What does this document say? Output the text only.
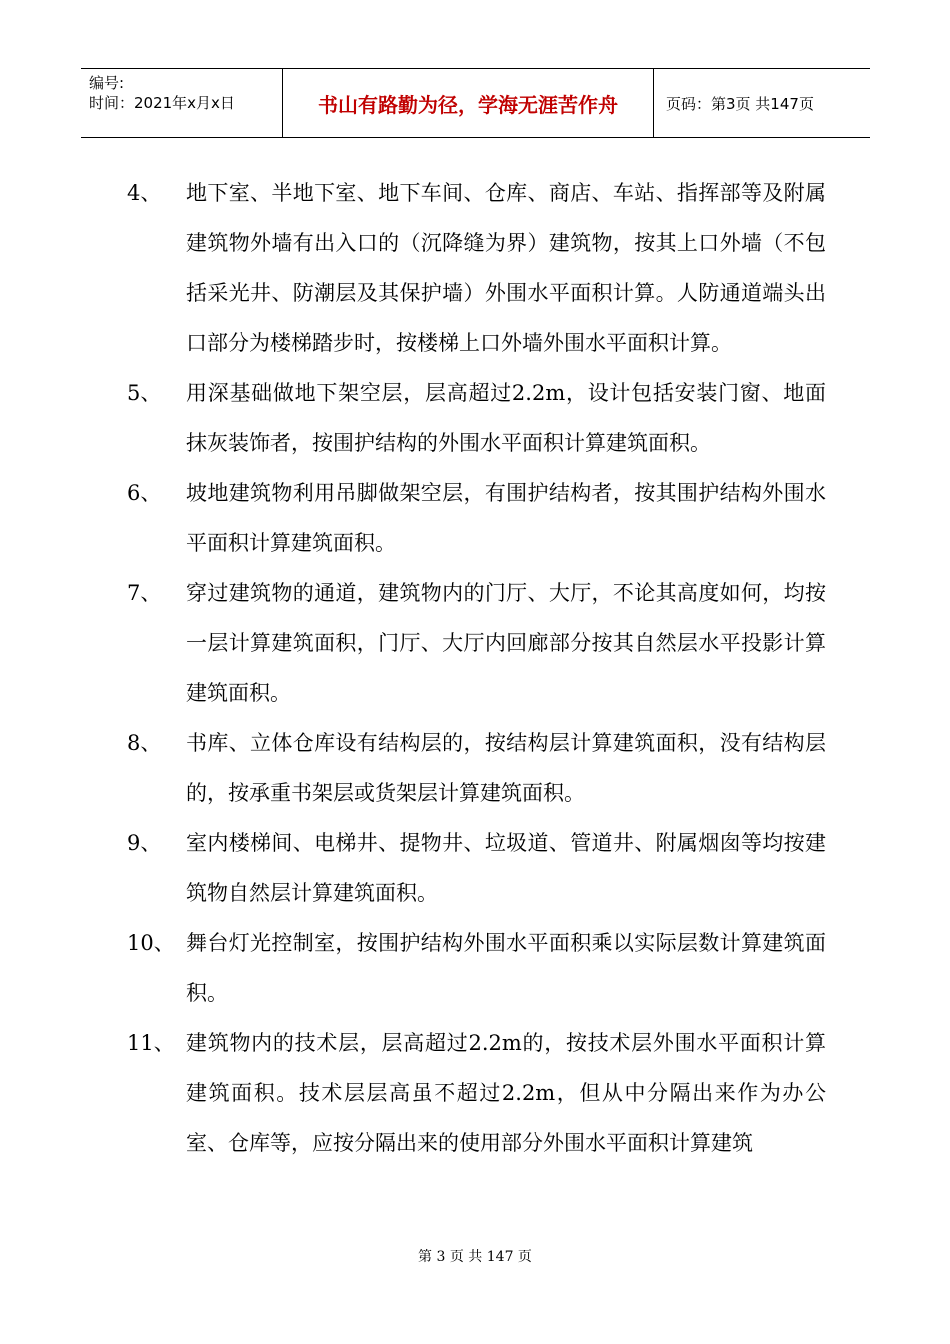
编号:
时间：2021年x月x日	书山有路勤为径，学海无涯苦作舟	页码：第3页 共147页
4、	地下室、半地下室、地下车间、仓库、商店、车站、指挥部等及附属建筑物外墙有出入口的（沉降缝为界）建筑物，按其上口外墙（不包括采光井、防潮层及其保护墙）外围水平面积计算。人防通道端头出口部分为楼梯踏步时，按楼梯上口外墙外围水平面积计算。
5、	用深基础做地下架空层，层高超过2.2m，设计包括安装门窗、地面抹灰装饰者，按围护结构的外围水平面积计算建筑面积。
6、	坡地建筑物利用吊脚做架空层，有围护结构者，按其围护结构外围水平面积计算建筑面积。
7、	穿过建筑物的通道，建筑物内的门厅、大厅，不论其高度如何，均按一层计算建筑面积，门厅、大厅内回廊部分按其自然层水平投影计算建筑面积。
8、	书库、立体仓库设有结构层的，按结构层计算建筑面积，没有结构层的，按承重书架层或货架层计算建筑面积。
9、	室内楼梯间、电梯井、提物井、垃圾道、管道井、附属烟囱等均按建筑物自然层计算建筑面积。
10、 舞台灯光控制室，按围护结构外围水平面积乘以实际层数计算建筑面积。
11、 建筑物内的技术层，层高超过2.2m的，按技术层外围水平面积计算建筑面积。技术层层高虽不超过2.2m，但从中分隔出来作为办公室、仓库等，应按分隔出来的使用部分外围水平面积计算建筑
第 3 页 共 147 页
